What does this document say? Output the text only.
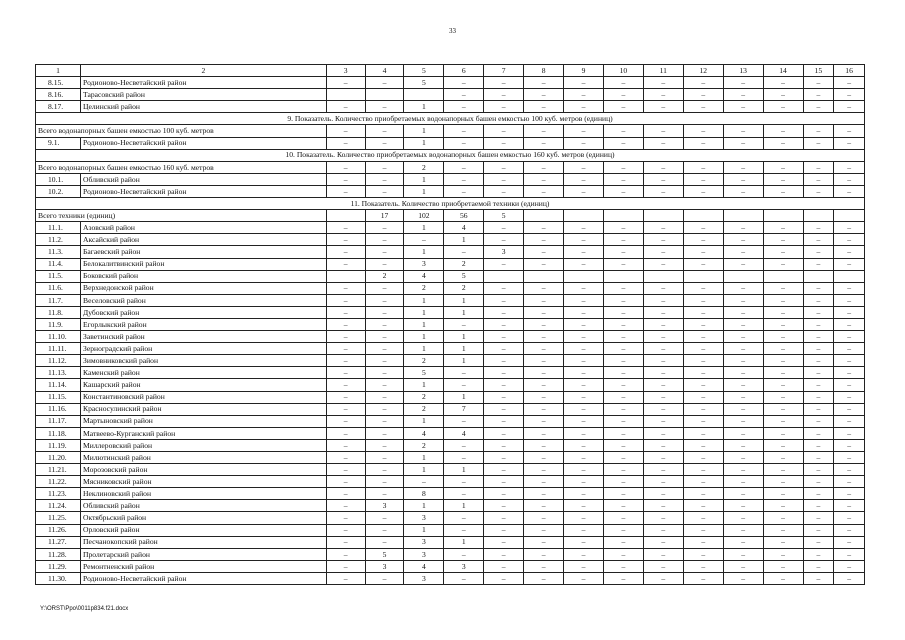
33
1	2	3	4	5	6	7	8	9	10	11	12	13	14	15	16
8.15.	Родионово-Несветайский район	–	–	5	–	–	–	–	–	–	–	–	–	–	–
8.16.	Тарасовский район				–	–	–	–	–	–	–	–	–	–	–
8.17.	Целинский район	–	–	1	–	–	–	–	–	–	–	–	–	–	–
9. Показатель. Количество приобретаемых водонапорных башен емкостью 100 куб. метров (единиц)															
Всего водонапорных башен емкостью 100 куб. метров		–	–	1	–	–	–	–	–	–	–	–	–	–	–
9.1.	Родионово-Несветайский район	–	–	1	–	–	–	–	–	–	–	–	–	–	–
10. Показатель. Количество приобретаемых водонапорных башен емкостью 160 куб. метров (единиц)															
Всего водонапорных башен емкостью 160 куб. метров		–	–	2	–	–	–	–	–	–	–	–	–	–	–
10.1.	Обливский район	–	–	1	–	–	–	–	–	–	–	–	–	–	–
10.2.	Родионово-Несветайский район	–	–	1	–	–	–	–	–	–	–	–	–	–	–
11. Показатель. Количество приобретаемой техники (единиц)															
Всего техники (единиц)			17	102	56	5									
11.1.	Азовский район	–	–	1	4	–	–	–	–	–	–	–	–	–	–
11.2.	Аксайский район	–	–	–	1	–	–	–	–	–	–	–	–	–	–
11.3.	Багаевский район	–	–	1	–	3	–	–	–	–	–	–	–	–	–
11.4.	Белокалитвинский район	–	–	3	2	–	–	–	–	–	–	–	–	–	–
11.5.	Боковский район		2	4	5										
11.6.	Верхнедонской район	–	–	2	2	–	–	–	–	–	–	–	–	–	–
11.7.	Веселовский район	–	–	1	1	–	–	–	–	–	–	–	–	–	–
11.8.	Дубовский район	–	–	1	1	–	–	–	–	–	–	–	–	–	–
11.9.	Егорлыкский район	–	–	1	–	–	–	–	–	–	–	–	–	–	–
11.10.	Заветинский район	–	–	1	1	–	–	–	–	–	–	–	–	–	–
11.11.	Зерноградский район	–	–	1	1	–	–	–	–	–	–	–	–	–	–
11.12.	Зимовниковский район	–	–	2	1	–	–	–	–	–	–	–	–	–	–
11.13.	Каменский район	–	–	5	–	–	–	–	–	–	–	–	–	–	–
11.14.	Кашарский район	–	–	1	–	–	–	–	–	–	–	–	–	–	–
11.15.	Константиновский район	–	–	2	1	–	–	–	–	–	–	–	–	–	–
11.16.	Красносулинский район	–	–	2	7	–	–	–	–	–	–	–	–	–	–
11.17.	Мартыновский район	–	–	1	–	–	–	–	–	–	–	–	–	–	–
11.18.	Матвеево-Курганский район	–	–	4	4	–	–	–	–	–	–	–	–	–	–
11.19.	Миллеровский район	–	–	2	–	–	–	–	–	–	–	–	–	–	–
11.20.	Милютинский район	–	–	1	–	–	–	–	–	–	–	–	–	–	–
11.21.	Морозовский район	–	–	1	1	–	–	–	–	–	–	–	–	–	–
11.22.	Мясниковский район	–	–	–	–	–	–	–	–	–	–	–	–	–	–
11.23.	Неклиновский район	–	–	8	–	–	–	–	–	–	–	–	–	–	–
11.24.	Обливский район	–	3	1	1	–	–	–	–	–	–	–	–	–	–
11.25.	Октябрьский район	–	–	3	–	–	–	–	–	–	–	–	–	–	–
11.26.	Орловский район	–	–	1	–	–	–	–	–	–	–	–	–	–	–
11.27.	Песчанокопский район	–	–	3	1	–	–	–	–	–	–	–	–	–	–
11.28.	Пролетарский район	–	5	3	–	–	–	–	–	–	–	–	–	–	–
11.29.	Ремонтненский район	–	3	4	3	–	–	–	–	–	–	–	–	–	–
11.30.	Родионово-Несветайский район	–	–	3	–	–	–	–	–	–	–	–	–	–	–
Y:\ORST\Ppo\0011p834.f21.docx
